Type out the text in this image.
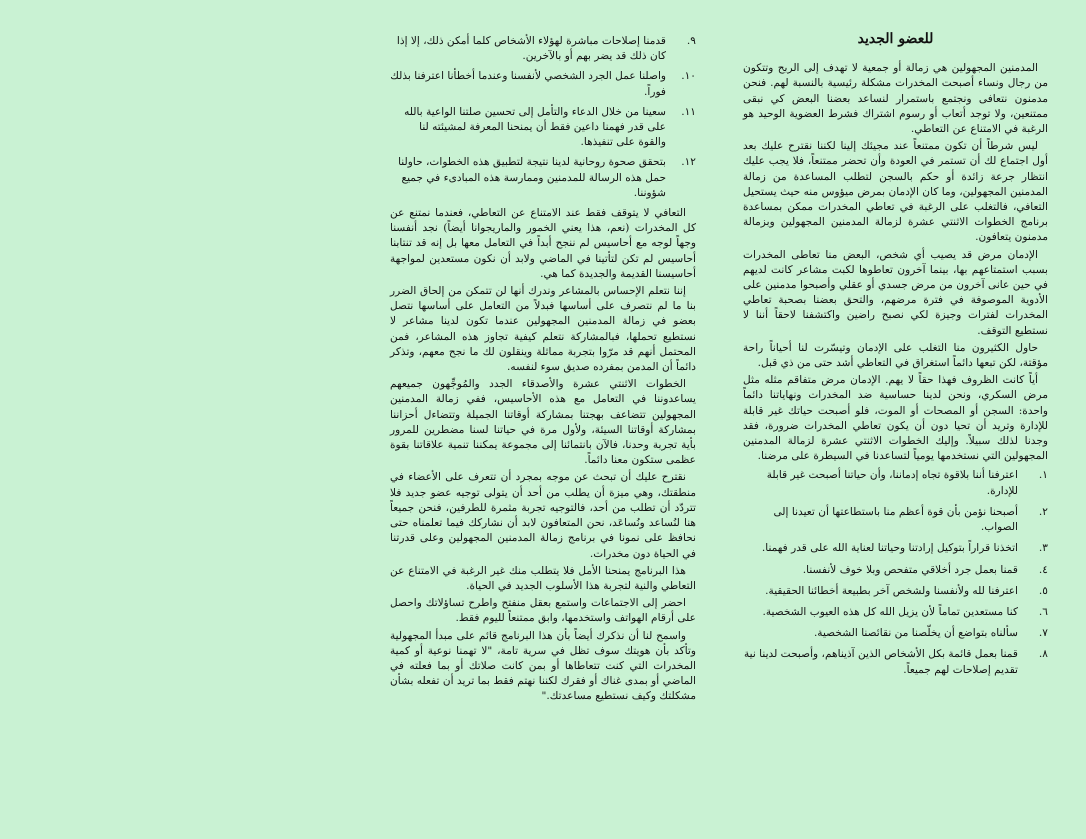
للعضو الجديد

المدمنين المجهولين هي زمالة أو جمعية لا تهدف إلى الربح وتتكون من رجال ونساء أصبحت المخدرات مشكلة رئيسية بالنسبة لهم. فنحن مدمنون نتعافى ونجتمع باستمرار لنساعد بعضنا البعض كي نبقى ممتنعين، ولا توجد أتعاب أو رسوم اشتراك فشرط العضوية الوحيد هو الرغبة في الامتناع عن التعاطي.

ليس شرطاً أن تكون ممتنعاً عند مجيئك إلينا لكننا نقترح عليك بعد أول اجتماع لك أن تستمر في العودة وأن تحضر ممتنعاً، فلا يجب عليك انتظار جرعة زائدة أو حكم بالسجن لتطلب المساعدة من زمالة المدمنين المجهولين، وما كان الإدمان بمرض ميؤوس منه حيث يستحيل التعافي، فالتغلب على الرغبة في تعاطي المخدرات ممكن بمساعدة برنامج الخطوات الاثنتي عشرة لزمالة المدمنين المجهولين وبزمالة مدمنون يتعافون.

الإدمان مرض قد يصيب أي شخص، البعض منا تعاطى المخدرات بسبب استمتاعهم بها، بينما آخرون تعاطوها لكبت مشاعر كانت لديهم في حين عانى آخرون من مرض جسدي أو عقلي وأصبحوا مدمنين على الأدوية الموصوفة في فترة مرضهم، والتحق بعضنا بصحبة تعاطي المخدرات لفترات وجيزة لكي نصبح راضين واكتشفنا لاحقاً أننا لا نستطيع التوقف.

حاول الكثيرون منا التغلب على الإدمان وتيسّرت لنا أحياناً راحة مؤقتة، لكن تبعها دائماً استغراق في التعاطي أشد حتى من ذي قبل.

أياً كانت الظروف فهذا حقاً لا يهم. الإدمان مرض متفاقم مثله مثل مرض السكري، ونحن لدينا حساسية ضد المخدرات ونهاياتنا دائماً واحدة: السجن أو المصحات أو الموت، فلو أصبحت حياتك غير قابلة للإدارة وتريد أن تحيا دون أن يكون تعاطي المخدرات ضرورة، فقد وجدنا لذلك سبيلاً. وإليك الخطوات الاثنتي عشرة لزمالة المدمنين المجهولين التي نستخدمها يومياً لتساعدنا في السيطرة على مرضنا.

١.
اعترفنا أننا بلاقوة تجاه إدماننا، وأن حياتنا أصبحت غير قابلة للإدارة.
٢.
أصبحنا نؤمن بأن قوة أعظم منا باستطاعتها أن تعيدنا إلى الصواب.
٣.
اتخذنا قراراً بتوكيل إرادتنا وحياتنا لعناية الله على قدر فهمنا.
٤.
قمنا بعمل جرد أخلاقي متفحص وبلا خوف لأنفسنا.
٥.
اعترفنا لله ولأنفسنا ولشخص آخر بطبيعة أخطائنا الحقيقية.
٦.
كنا مستعدين تماماً لأن يزيل الله كل هذه العيوب الشخصية.
٧.
سألناه بتواضع أن يخلّصنا من نقائصنا الشخصية.
٨.
قمنا بعمل قائمة بكل الأشخاص الذين آذيناهم، وأصبحت لدينا نية تقديم إصلاحات لهم جميعاً.
٩.
قدمنا إصلاحات مباشرة لهؤلاء الأشخاص كلما أمكن ذلك، إلا إذا كان ذلك قد يضر بهم أو بالآخرين.
١٠.
واصلنا عمل الجرد الشخصي لأنفسنا وعندما أخطأنا اعترفنا بذلك فوراً.
١١.
سعينا من خلال الدعاء والتأمل إلى تحسين صلتنا الواعية بالله على قدر فهمنا داعين فقط أن يمنحنا المعرفة لمشيئته لنا والقوة على تنفيذها.
١٢.
بتحقق صحوة روحانية لدينا نتيجة لتطبيق هذه الخطوات، حاولنا حمل هذه الرسالة للمدمنين وممارسة هذه المبادىء في جميع شؤوننا.

التعافي لا يتوقف فقط عند الامتناع عن التعاطي، فعندما نمتنع عن كل المخدرات (نعم، هذا يعني الخمور والماريجوانا أيضاً) نجد أنفسنا وجهاً لوجه مع أحاسيس لم ننجح أبداً في التعامل معها بل إنه قد تنتابنا أحاسيس لم تكن لتأتينا في الماضي ولابد أن نكون مستعدين لمواجهة أحاسيسنا القديمة والجديدة كما هي.

إننا نتعلم الإحساس بالمشاعر وندرك أنها لن تتمكن من إلحاق الضرر بنا ما لم نتصرف على أساسها فبدلاً من التعامل على أساسها نتصل بعضو في زمالة المدمنين المجهولين عندما تكون لدينا مشاعر لا نستطيع تحملها، فبالمشاركة نتعلم كيفية تجاوز هذه المشاعر، فمن المحتمل أنهم قد مرّوا بتجربة مماثلة وينقلون لك ما نجح معهم، وتذكر دائماً أن المدمن بمفرده صديق سوء لنفسه.

الخطوات الاثنتي عشرة والأصدقاء الجدد والمُوجِّهون جميعهم يساعدوننا في التعامل مع هذه الأحاسيس، ففي زمالة المدمنين المجهولين تتضاعف بهجتنا بمشاركة أوقاتنا الجميلة وتتضاءل أحزاننا بمشاركة أوقاتنا السيئة، ولأول مرة في حياتنا لسنا مضطرين للمرور بأية تجربة وحدنا، فالآن بانتمائنا إلى مجموعة يمكننا تنمية علاقاتنا بقوة عظمى ستكون معنا دائماً.

نقترح عليك أن تبحث عن موجه بمجرد أن تتعرف على الأعضاء في منطقتك، وهي ميزة أن يطلب من أحد أن يتولى توجيه عضو جديد فلا تتردّد أن تطلب من أحد، فالتوجيه تجربة مثمرة للطرفين، فنحن جميعاً هنا لنُساعد ونُساعَد، نحن المتعافون لابد أن نشاركك فيما تعلمناه حتى نحافظ على نمونا في برنامج زمالة المدمنين المجهولين وعلى قدرتنا في الحياة دون مخدرات.

هذا البرنامج يمنحنا الأمل فلا يتطلب منك غير الرغبة في الامتناع عن التعاطي والنية لتجربة هذا الأسلوب الجديد في الحياة.

احضر إلى الاجتماعات واستمع بعقل منفتح واطرح تساؤلاتك واحصل على أرقام الهواتف واستخدمها، وابق ممتنعاً لليوم فقط.

واسمح لنا أن نذكرك أيضاً بأن هذا البرنامج قائم على مبدأ المجهولية وتأكد بأن هويتك سوف تظل في سرية تامة، "لا تهمنا نوعية أو كمية المخدرات التي كنت تتعاطاها أو بمن كانت صلاتك أو بما فعلته في الماضي أو بمدى غناك أو فقرك لكننا نهتم فقط بما تريد أن تفعله بشأن مشكلتك وكيف نستطيع مساعدتك."
